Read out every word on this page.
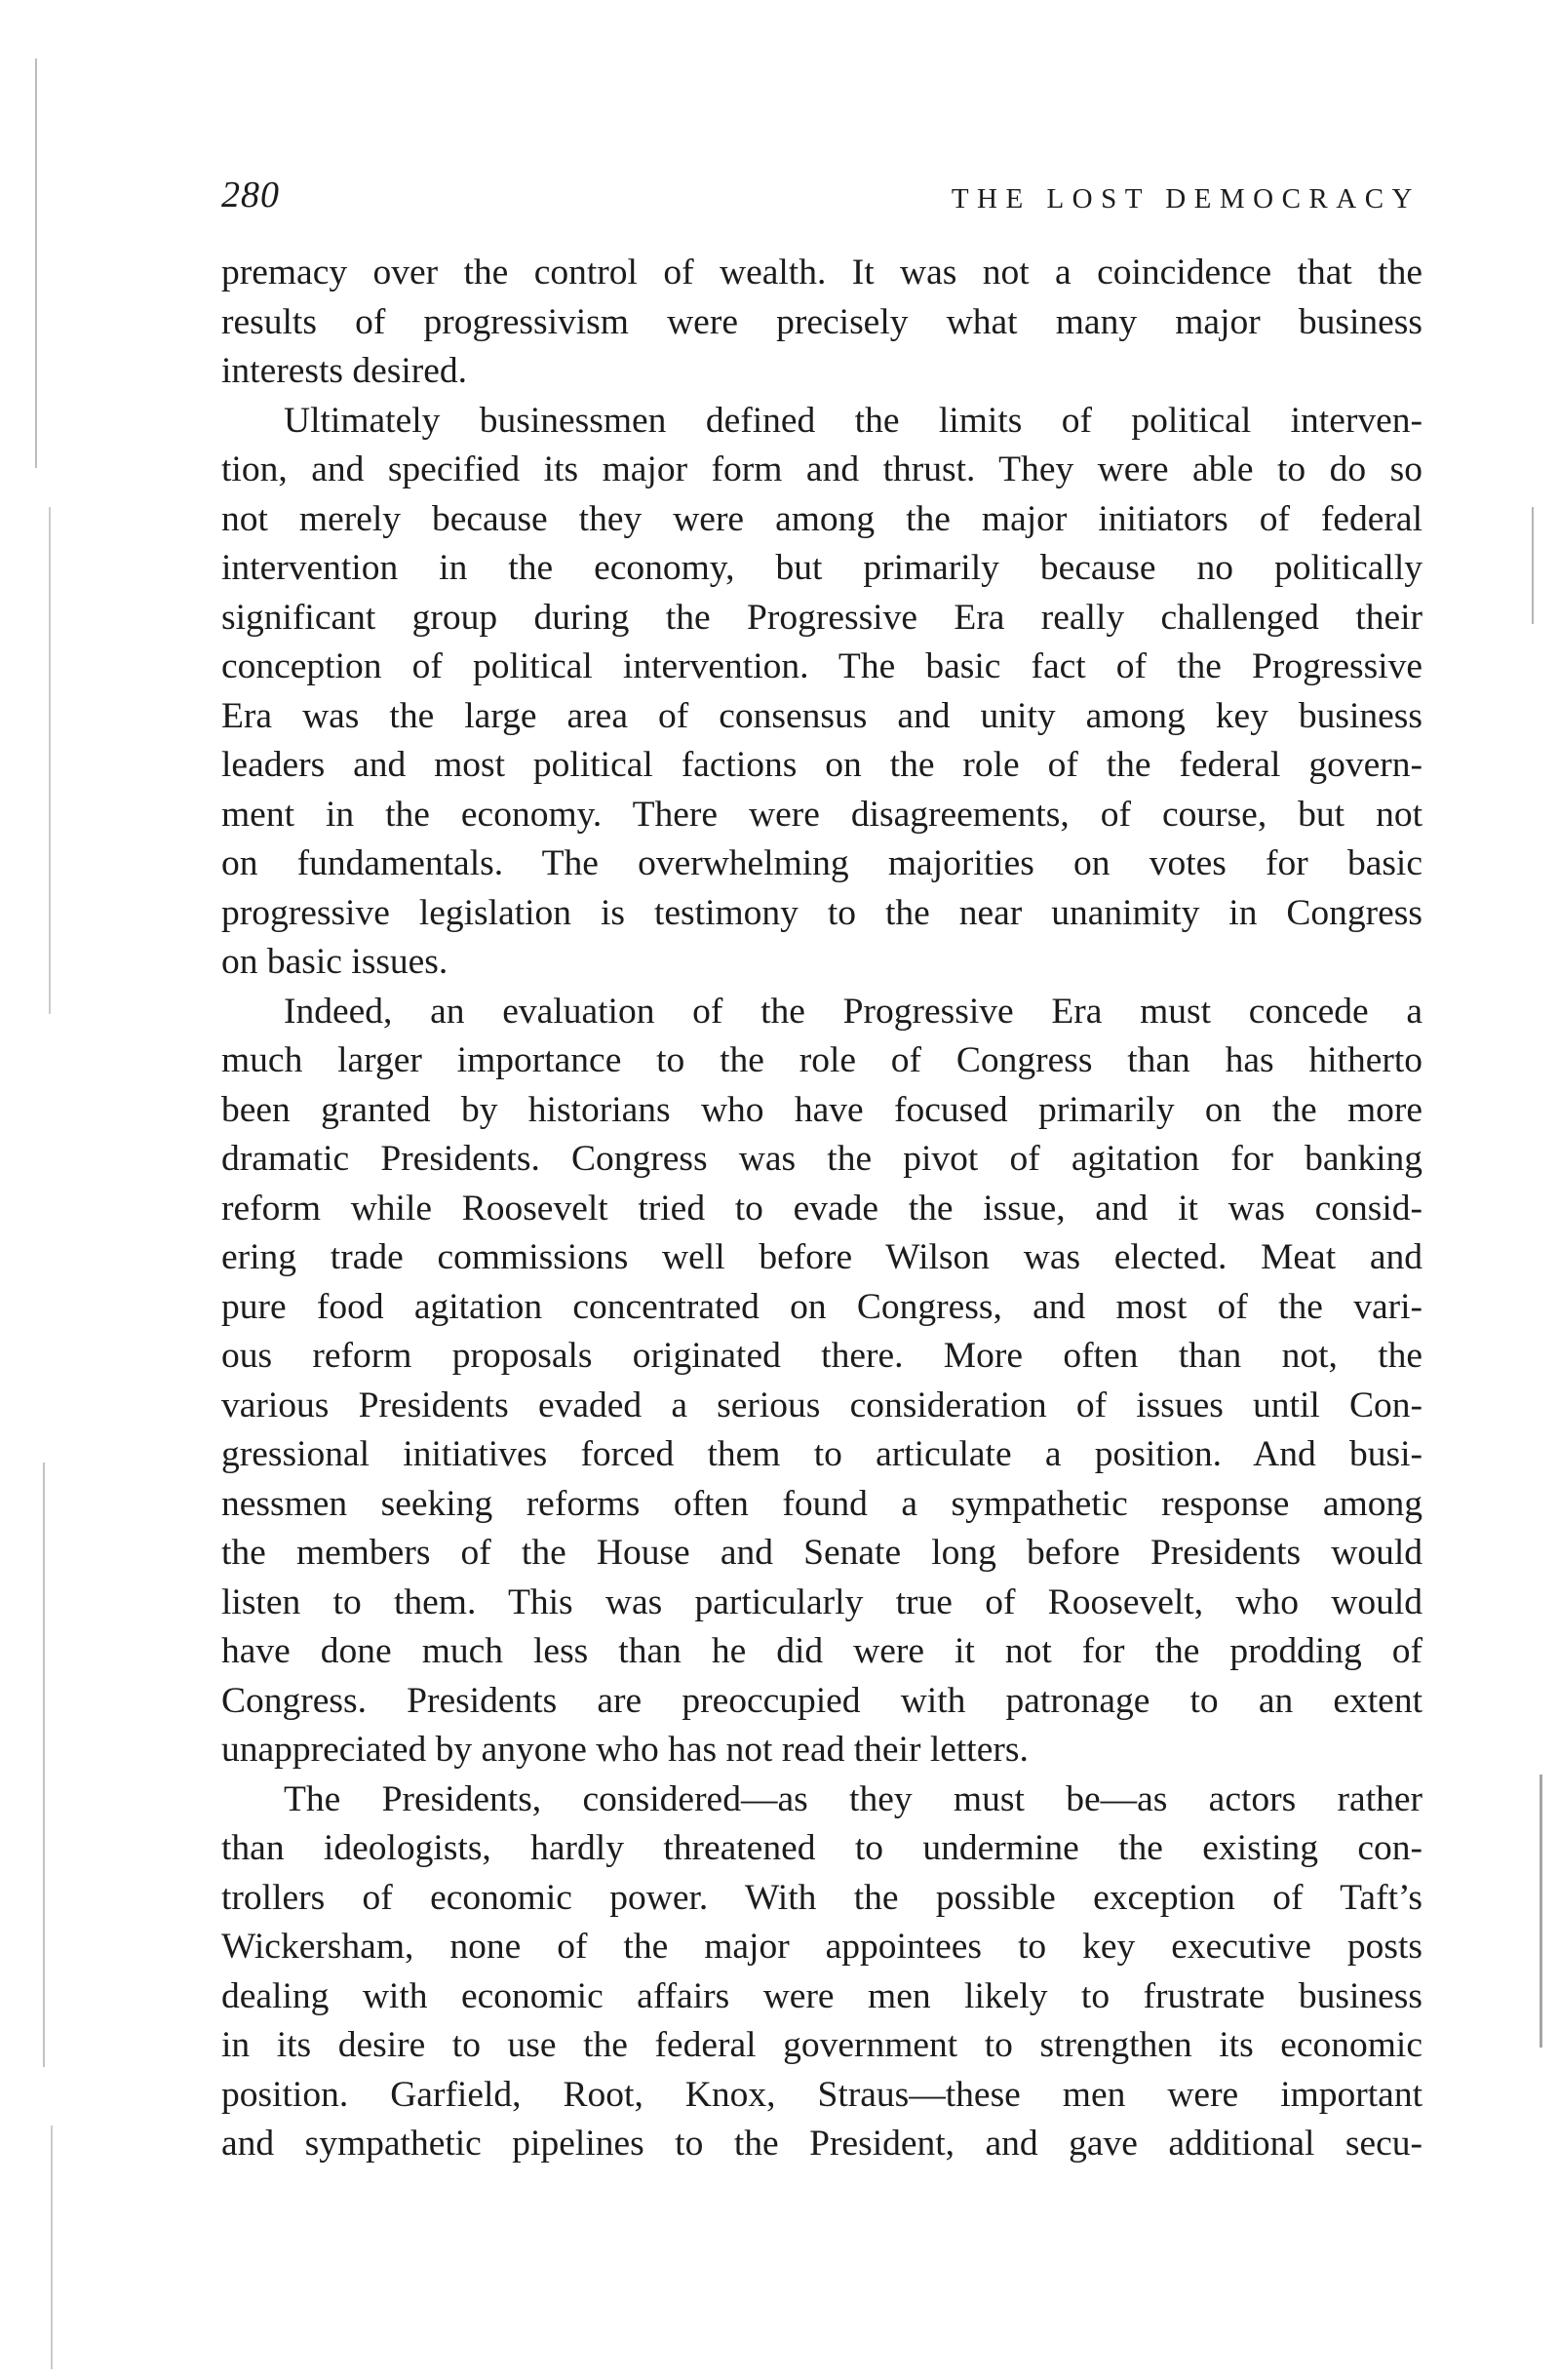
280	THE LOST DEMOCRACY
premacy over the control of wealth. It was not a coincidence that the
results of progressivism were precisely what many major business
interests desired.
Ultimately businessmen defined the limits of political interven-
tion, and specified its major form and thrust. They were able to do so
not merely because they were among the major initiators of federal
intervention in the economy, but primarily because no politically
significant group during the Progressive Era really challenged their
conception of political intervention. The basic fact of the Progressive
Era was the large area of consensus and unity among key business
leaders and most political factions on the role of the federal govern-
ment in the economy. There were disagreements, of course, but not
on fundamentals. The overwhelming majorities on votes for basic
progressive legislation is testimony to the near unanimity in Congress
on basic issues.
Indeed, an evaluation of the Progressive Era must concede a
much larger importance to the role of Congress than has hitherto
been granted by historians who have focused primarily on the more
dramatic Presidents. Congress was the pivot of agitation for banking
reform while Roosevelt tried to evade the issue, and it was consid-
ering trade commissions well before Wilson was elected. Meat and
pure food agitation concentrated on Congress, and most of the vari-
ous reform proposals originated there. More often than not, the
various Presidents evaded a serious consideration of issues until Con-
gressional initiatives forced them to articulate a position. And busi-
nessmen seeking reforms often found a sympathetic response among
the members of the House and Senate long before Presidents would
listen to them. This was particularly true of Roosevelt, who would
have done much less than he did were it not for the prodding of
Congress. Presidents are preoccupied with patronage to an extent
unappreciated by anyone who has not read their letters.
The Presidents, considered—as they must be—as actors rather
than ideologists, hardly threatened to undermine the existing con-
trollers of economic power. With the possible exception of Taft’s
Wickersham, none of the major appointees to key executive posts
dealing with economic affairs were men likely to frustrate business
in its desire to use the federal government to strengthen its economic
position. Garfield, Root, Knox, Straus—these men were important
and sympathetic pipelines to the President, and gave additional secu-
